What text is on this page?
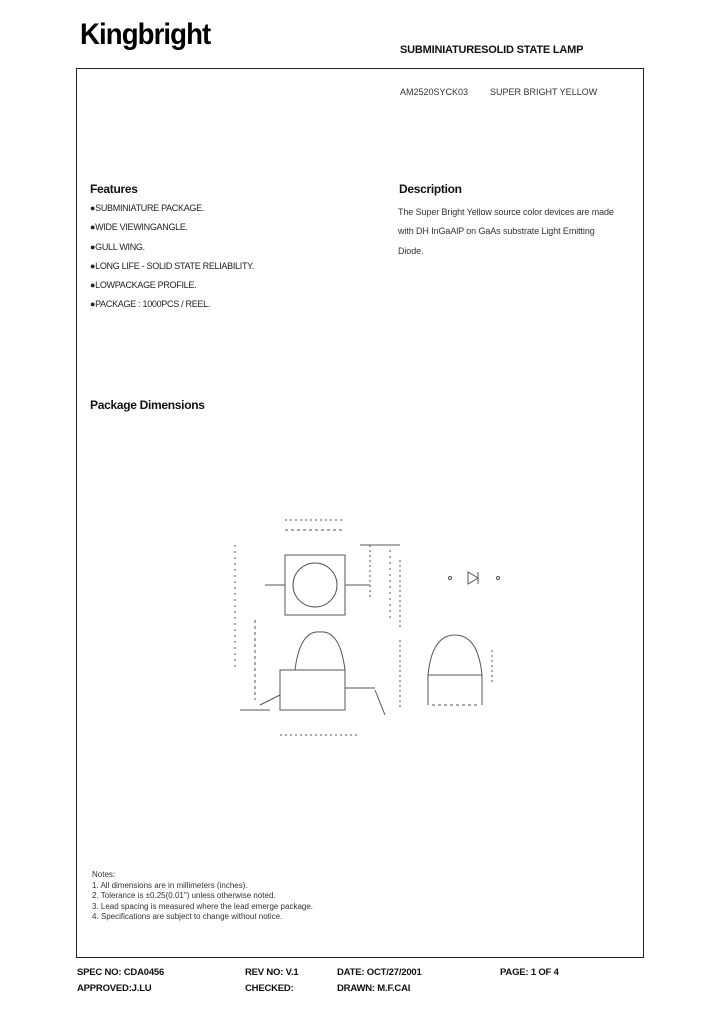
Kingbright	SUBMINIATURESOLID STATE LAMP
AM2520SYCK03 SUPER BRIGHT YELLOW
Features
●SUBMINIATURE PACKAGE.
●WIDE VIEWINGANGLE.
●GULL WING.
●LONG LIFE - SOLID STATE RELIABILITY.
●LOWPACKAGE PROFILE.
●PACKAGE : 1000PCS / REEL.
Description
The Super Bright Yellow source color devices are made
with DH InGaAlP on GaAs substrate Light Emitting
Diode.
Package Dimensions
Notes:
1. All dimensions are in millimeters (inches).
2. Tolerance is ±0.25(0.01") unless otherwise noted.
3. Lead spacing is measured where the lead emerge package.
4. Specifications are subject to change without notice.
SPEC NO: CDA0456	REV NO: V.1	DATE: OCT/27/2001	PAGE: 1 OF 4
APPROVED:J.LU	CHECKED:	DRAWN: M.F.CAI
